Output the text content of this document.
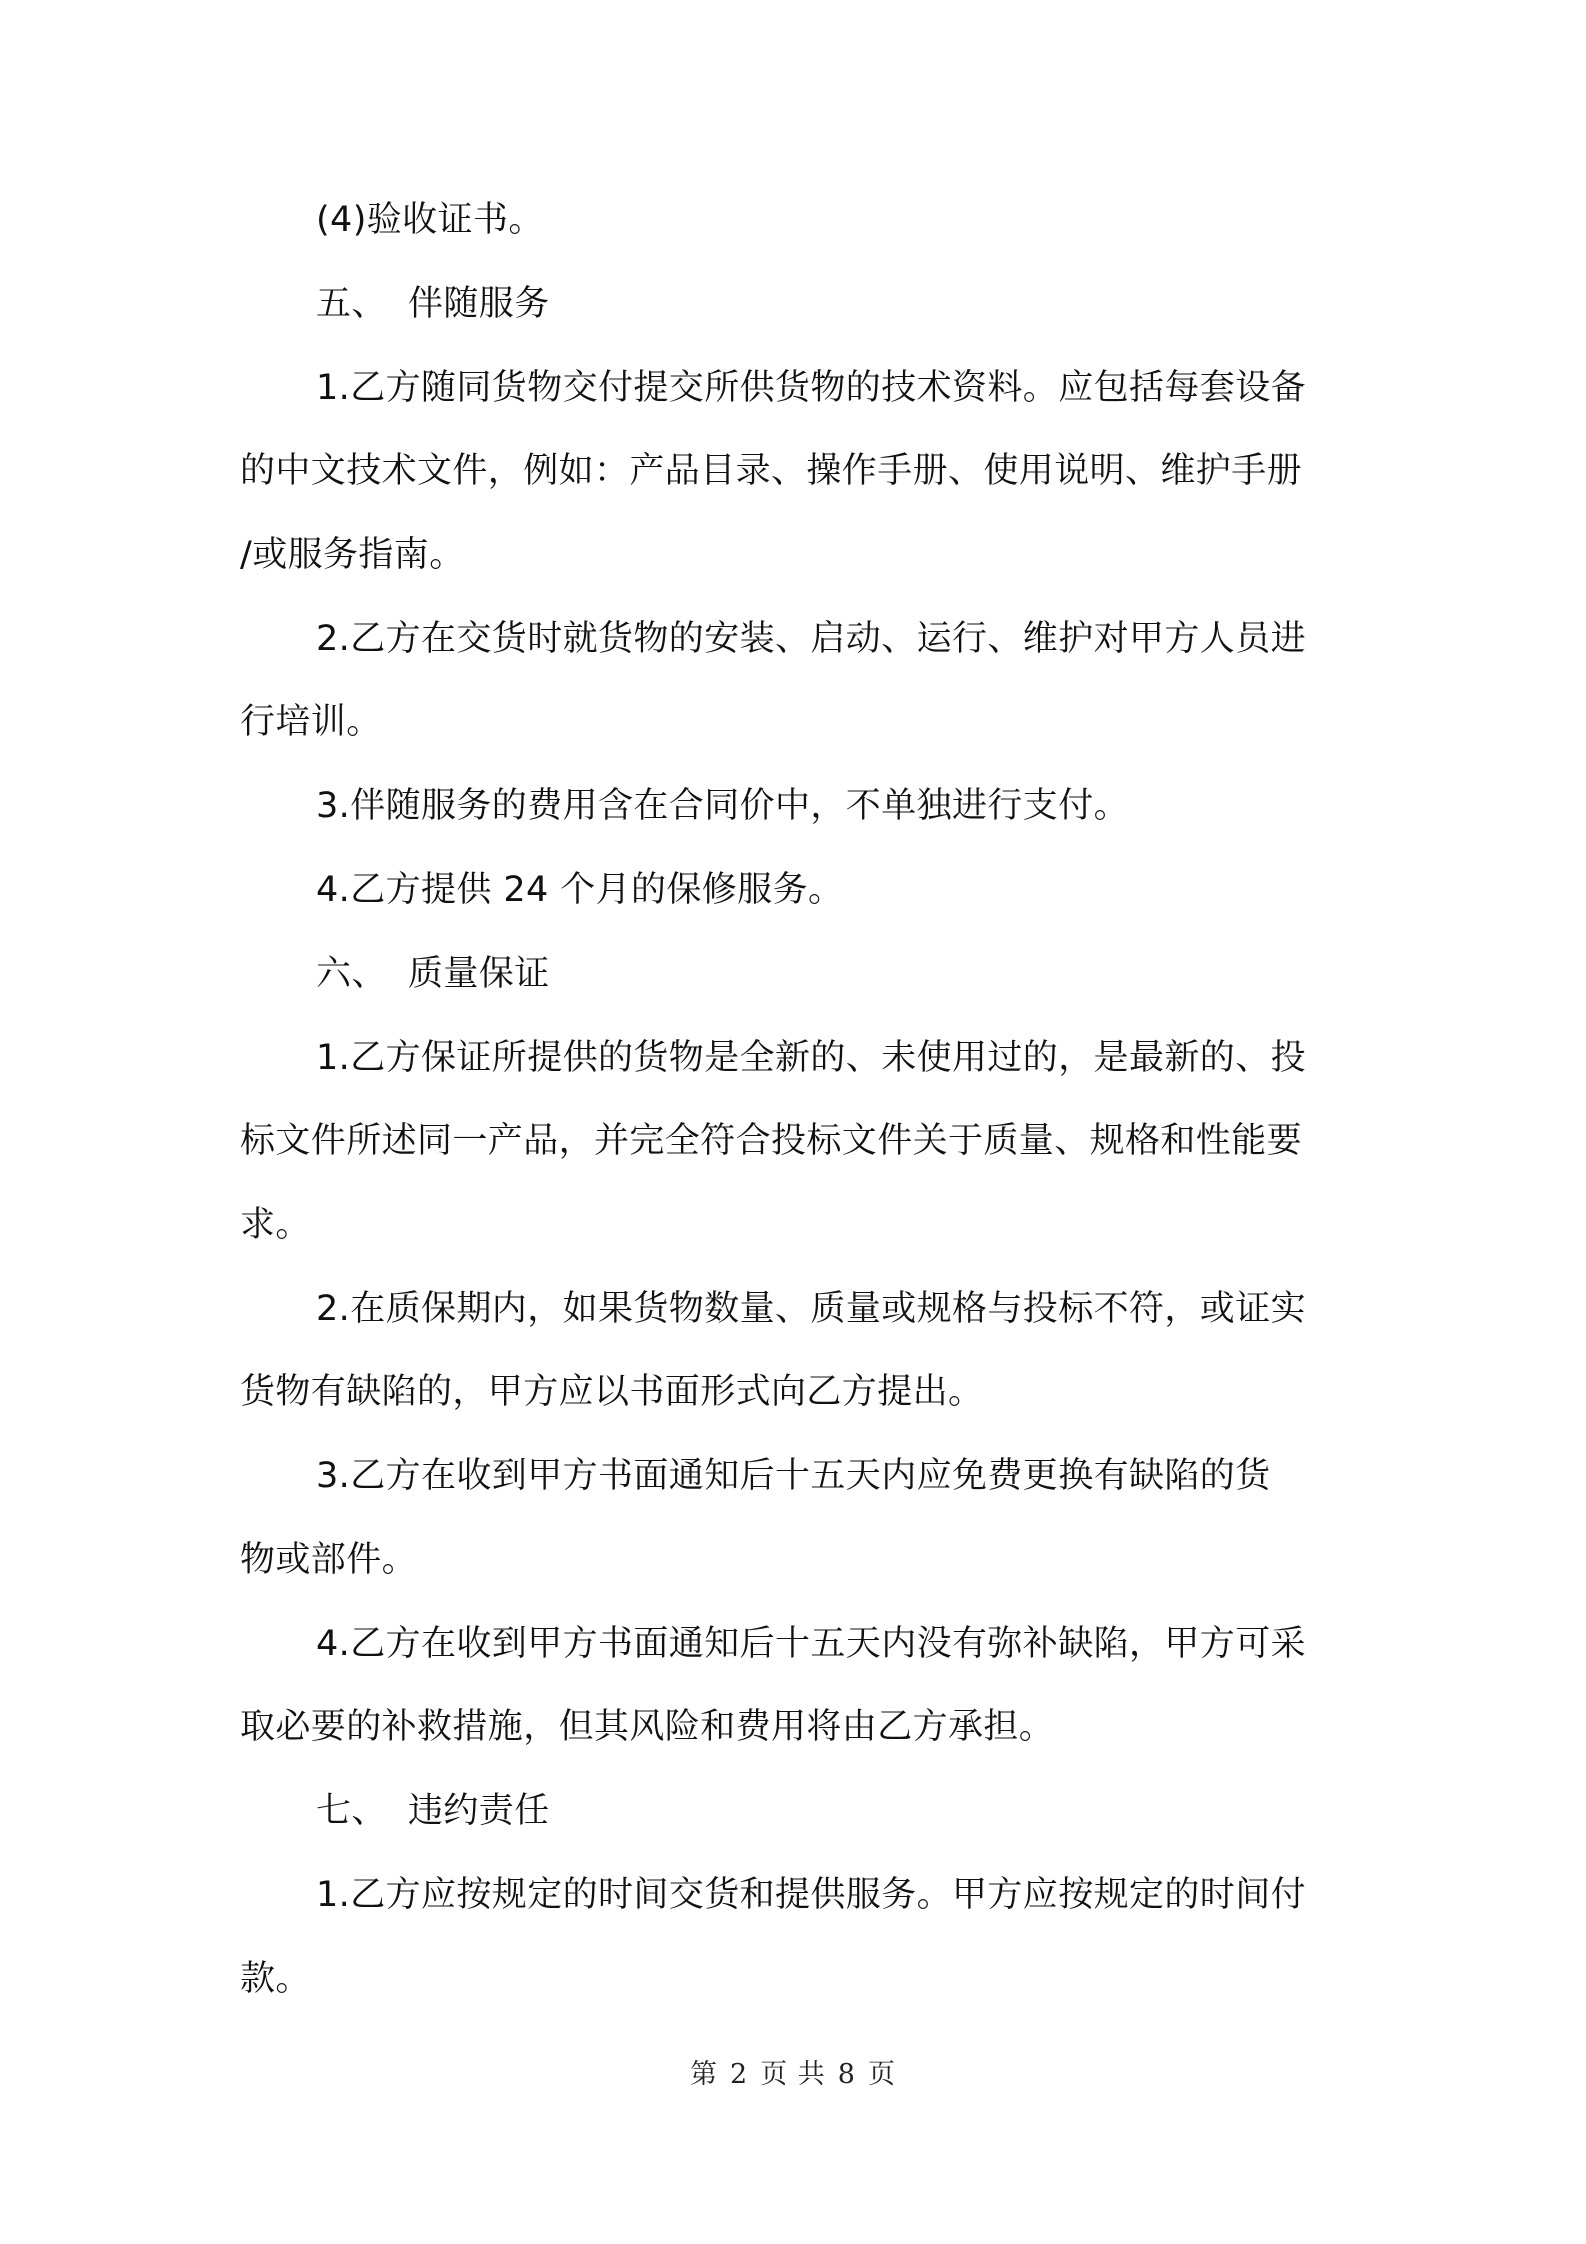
(4)验收证书。
五、 伴随服务
1.乙方随同货物交付提交所供货物的技术资料。应包括每套设备
的中文技术文件，例如：产品目录、操作手册、使用说明、维护手册
/或服务指南。
2.乙方在交货时就货物的安装、启动、运行、维护对甲方人员进
行培训。
3.伴随服务的费用含在合同价中，不单独进行支付。
4.乙方提供 24 个月的保修服务。
六、 质量保证
1.乙方保证所提供的货物是全新的、未使用过的，是最新的、投
标文件所述同一产品，并完全符合投标文件关于质量、规格和性能要
求。
2.在质保期内，如果货物数量、质量或规格与投标不符，或证实
货物有缺陷的，甲方应以书面形式向乙方提出。
3.乙方在收到甲方书面通知后十五天内应免费更换有缺陷的货
物或部件。
4.乙方在收到甲方书面通知后十五天内没有弥补缺陷，甲方可采
取必要的补救措施，但其风险和费用将由乙方承担。
七、 违约责任
1.乙方应按规定的时间交货和提供服务。甲方应按规定的时间付
款。
第 2 页 共 8 页
